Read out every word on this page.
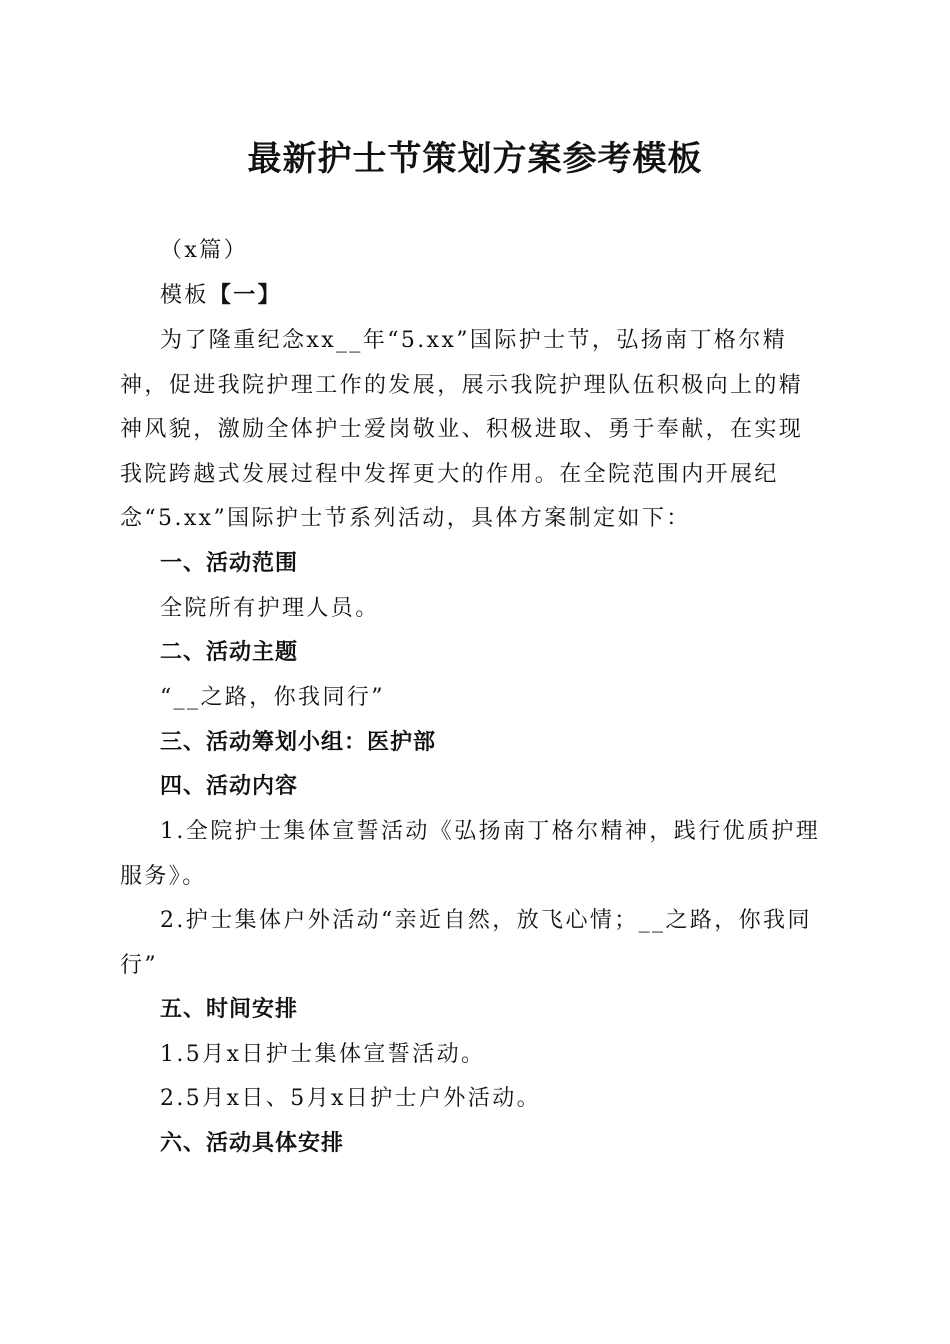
最新护士节策划方案参考模板
（x篇）
模板【一】

为了隆重纪念xx__年“5.xx”国际护士节，弘扬南丁格尔精神，促进我院护理工作的发展，展示我院护理队伍积极向上的精神风貌，激励全体护士爱岗敬业、积极进取、勇于奉献，在实现我院跨越式发展过程中发挥更大的作用。在全院范围内开展纪念“5.xx”国际护士节系列活动，具体方案制定如下：

一、活动范围
全院所有护理人员。
二、活动主题
“__之路，你我同行”
三、活动筹划小组：医护部
四、活动内容

1.全院护士集体宣誓活动《弘扬南丁格尔精神，践行优质护理服务》。

2.护士集体户外活动“亲近自然，放飞心情；__之路，你我同行”

五、时间安排
1.5月x日护士集体宣誓活动。
2.5月x日、5月x日护士户外活动。
六、活动具体安排
